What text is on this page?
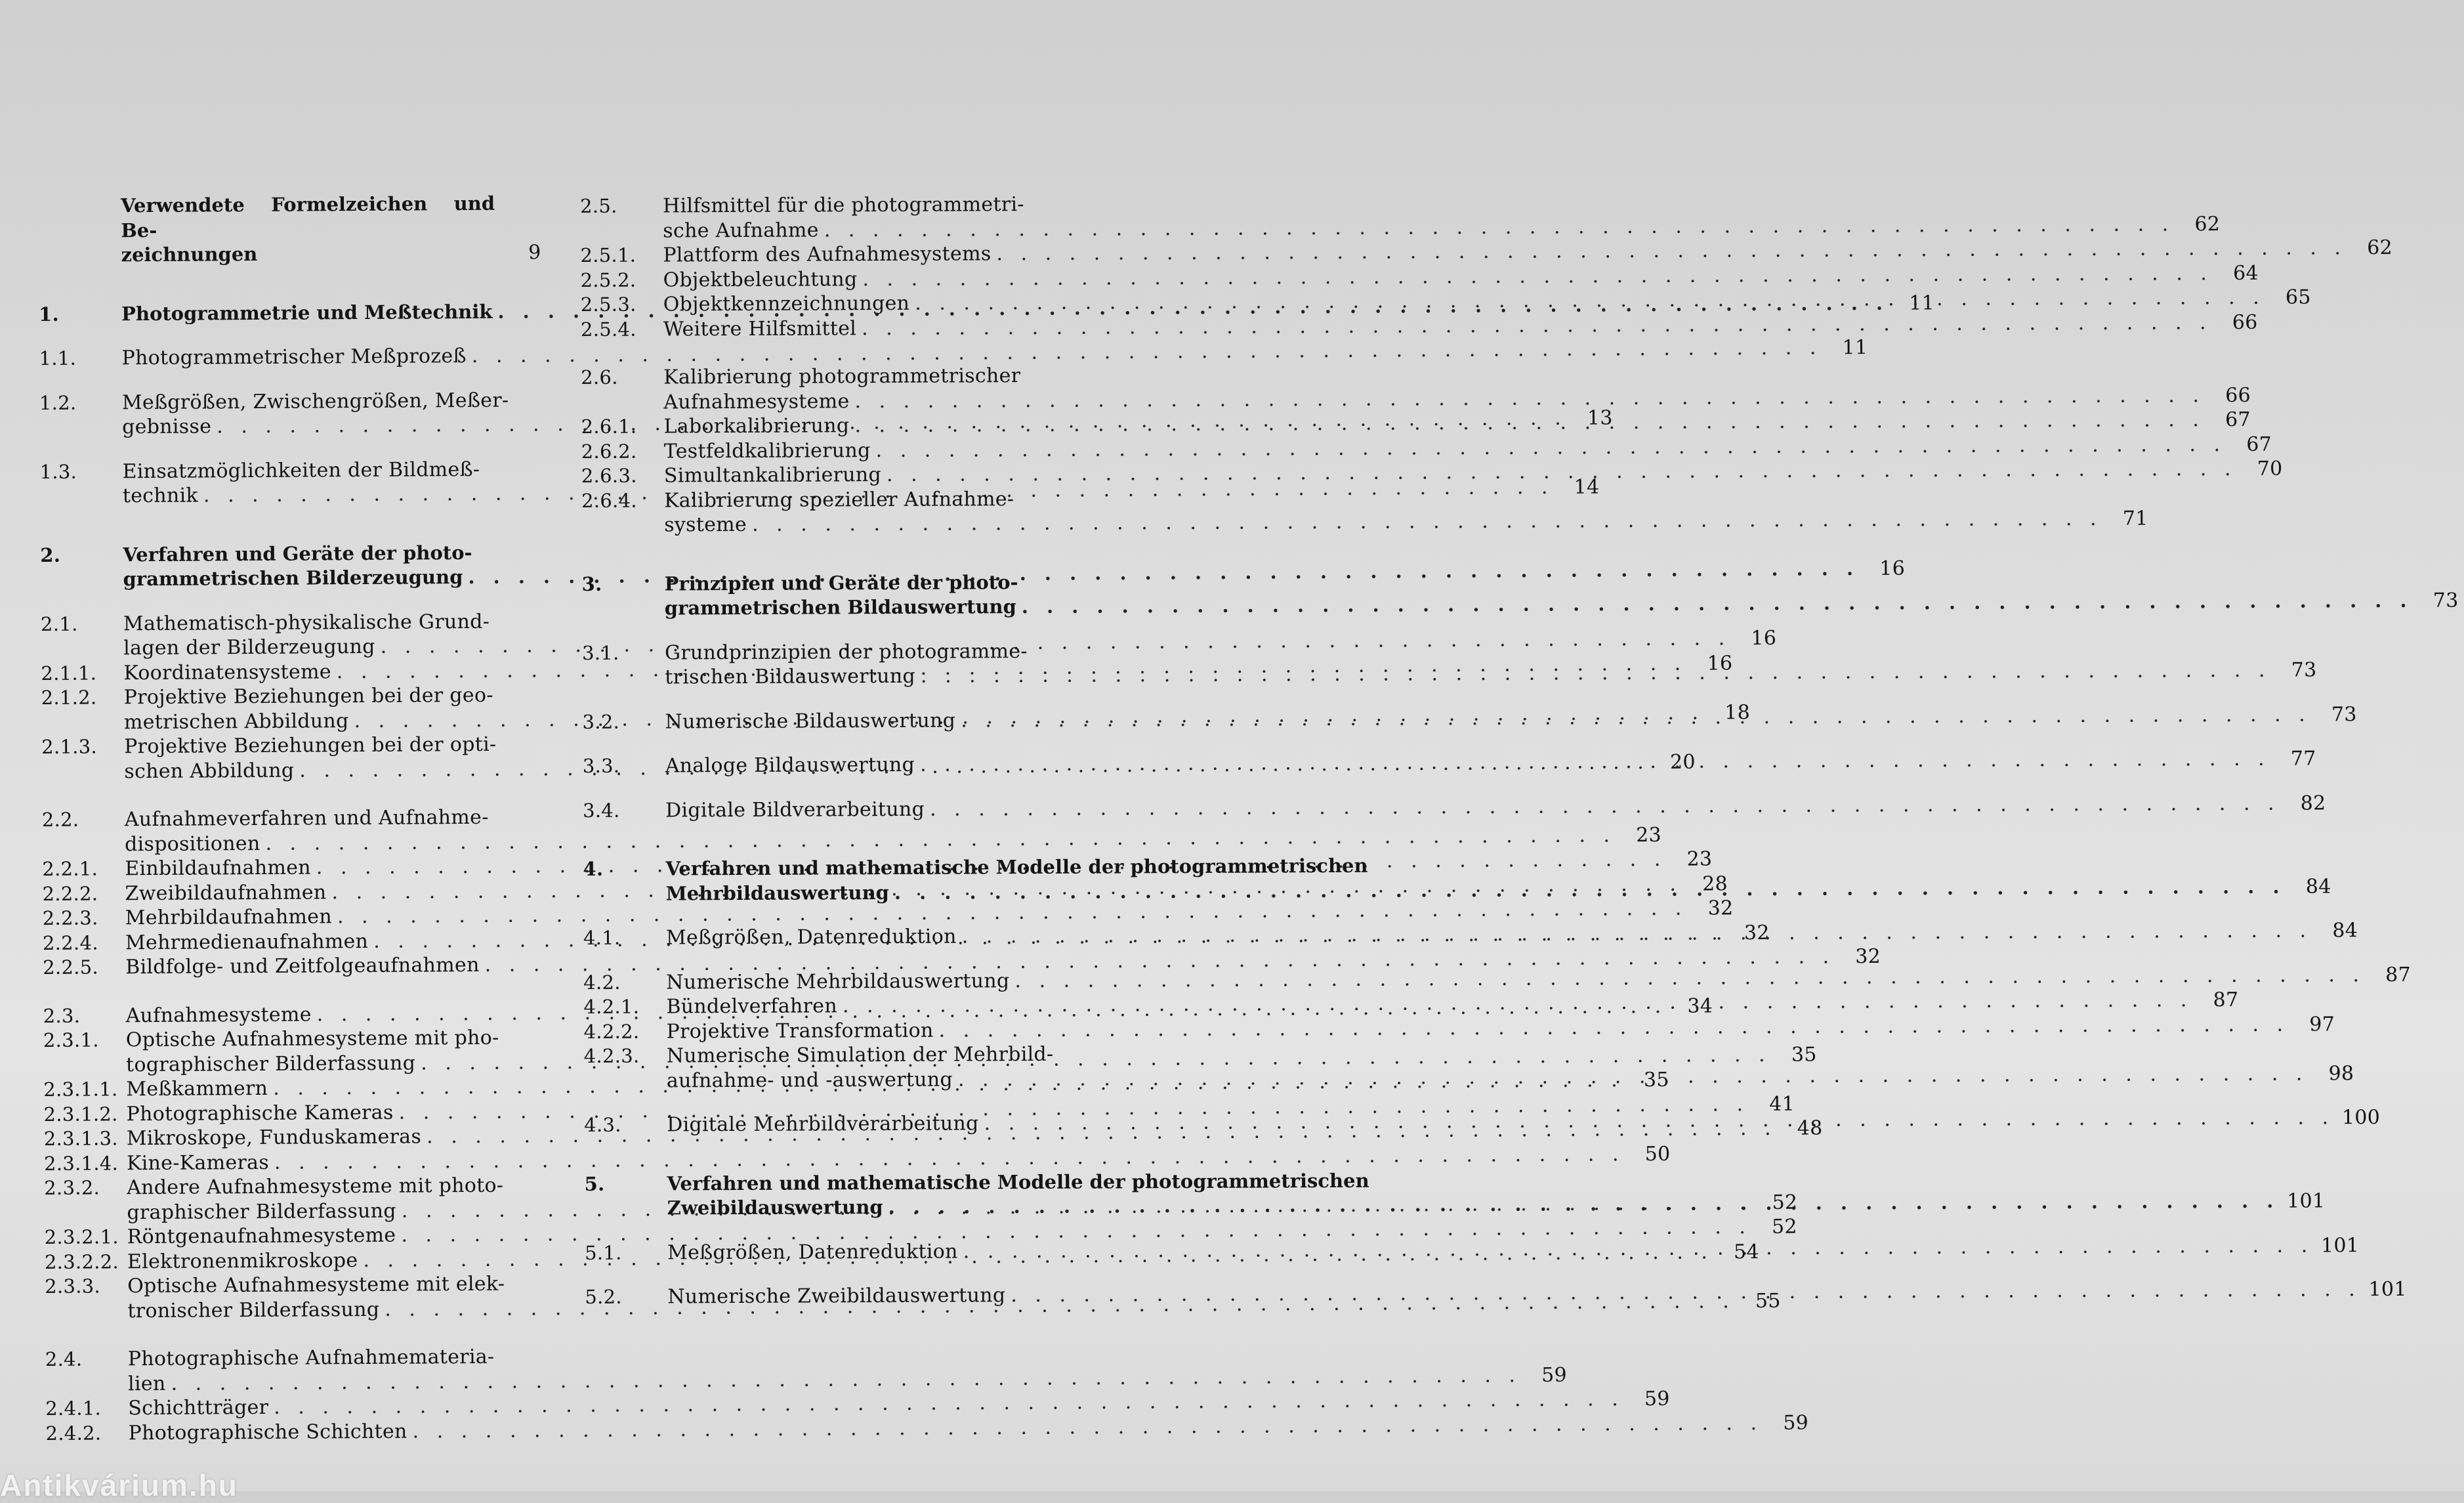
Verwendete Formelzeichen und Be-
zeichnungen	9
1.	Photogrammetrie und Meßtechnik . . .	11
1.1.	Photogrammetrischer Meßprozeß . . .	11
1.2.	Meßgrößen, Zwischengrößen, Meßer-
gebnisse . . .	13
1.3.	Einsatzmöglichkeiten der Bildmeß-
technik . . .	14
2.	Verfahren und Geräte der photo-
grammetrischen Bilderzeugung . . .	16
2.1.	Mathematisch-physikalische Grund-
lagen der Bilderzeugung . . .	16
2.1.1.	Koordinatensysteme . . .	16
2.1.2.	Projektive Beziehungen bei der geo-
metrischen Abbildung . . .	18
2.1.3.	Projektive Beziehungen bei der opti-
schen Abbildung . . .	20
2.2.	Aufnahmeverfahren und Aufnahme-
dispositionen . . .	23
2.2.1.	Einbildaufnahmen . . .	23
2.2.2.	Zweibildaufnahmen . . .	28
2.2.3.	Mehrbildaufnahmen . . .	32
2.2.4.	Mehrmedienaufnahmen . . .	32
2.2.5.	Bildfolge- und Zeitfolgeaufnahmen . . .	32
2.3.	Aufnahmesysteme . . .	34
2.3.1.	Optische Aufnahmesysteme mit pho-
tographischer Bilderfassung . . .	35
2.3.1.1. Meßkammern . . .	35
2.3.1.2. Photographische Kameras . . .	41
2.3.1.3. Mikroskope, Funduskameras . . .	48
2.3.1.4. Kine-Kameras . . .	50
2.3.2.	Andere Aufnahmesysteme mit photo-
graphischer Bilderfassung . . .	52
2.3.2.1. Röntgenaufnahmesysteme . . .	52
2.3.2.2. Elektronenmikroskope . . .	54
2.3.3.	Optische Aufnahmesysteme mit elek-
tronischer Bilderfassung . . .	55
2.4.	Photographische Aufnahmemateria-
lien . . .	59
2.4.1.	Schichtträger . . .	59
2.4.2.	Photographische Schichten . . .	59
2.5.	Hilfsmittel für die photogrammetri-
sche Aufnahme . . .	62
2.5.1.	Plattform des Aufnahmesystems . . .	62
2.5.2.	Objektbeleuchtung . . .	64
2.5.3.	Objektkennzeichnungen . . .	65
2.5.4.	Weitere Hilfsmittel . . .	66
2.6.	Kalibrierung photogrammetrischer
Aufnahmesysteme . . .	66
2.6.1.	Laborkalibrierung . . .	67
2.6.2.	Testfeldkalibrierung . . .	67
2.6.3.	Simultankalibrierung . . .	70
2.6.4.	Kalibrierung spezieller Aufnahme-
systeme . . .	71
3.	Prinzipien und Geräte der photo-
grammetrischen Bildauswertung . . .	73
3.1.	Grundprinzipien der photogramme-
trischen Bildauswertung . . .	73
3.2.	Numerische Bildauswertung . . .	73
3.3.	Analoge Bildauswertung . . .	77
3.4.	Digitale Bildverarbeitung . . .	82
4.	Verfahren und mathematische Modelle der photogrammetrischen
Mehrbildauswertung . . .	84
4.1.	Meßgrößen, Datenreduktion . . .	84
4.2.	Numerische Mehrbildauswertung . . .	87
4.2.1.	Bündelverfahren . . .	87
4.2.2.	Projektive Transformation . . .	97
4.2.3.	Numerische Simulation der Mehrbild-
aufnahme- und -auswertung . . .	98
4.3.	Digitale Mehrbildverarbeitung . . .	100
5.	Verfahren und mathematische Modelle der photogrammetrischen
Zweibildauswertung . . .	101
5.1.	Meßgrößen, Datenreduktion . . .	101
5.2.	Numerische Zweibildauswertung . . .	101
Antikvárium.hu
